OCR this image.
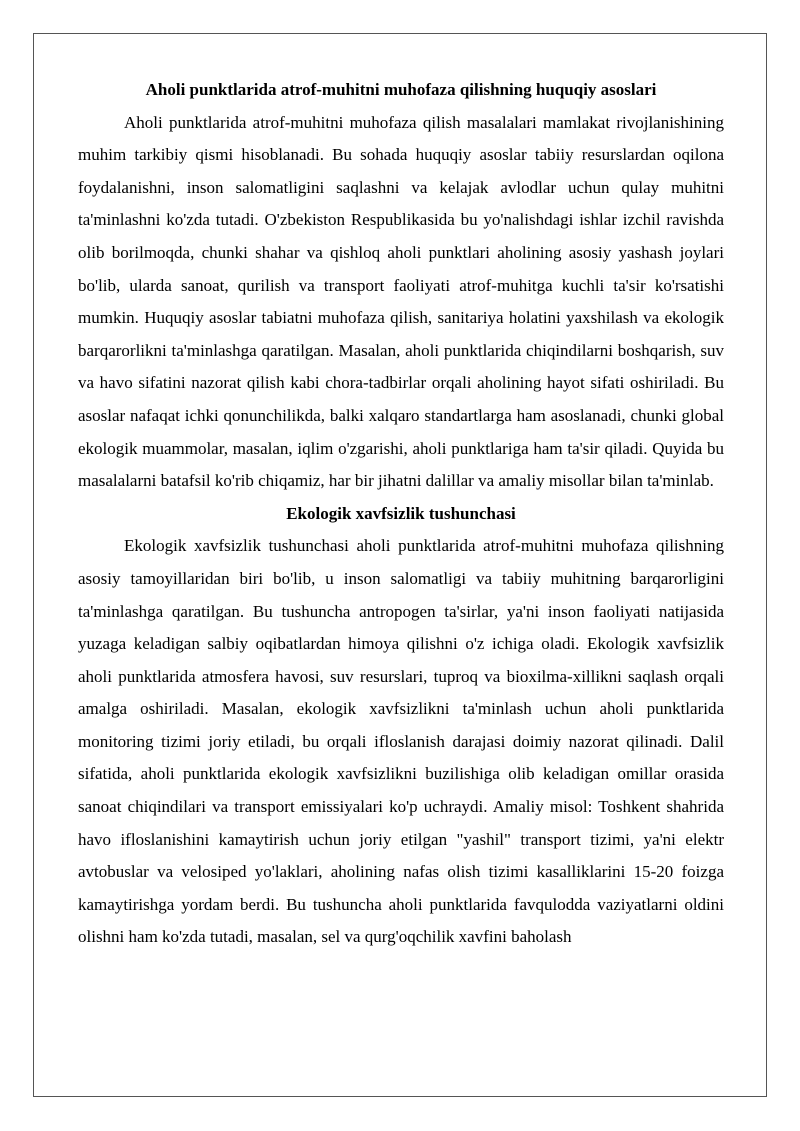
Aholi punktlarida atrof-muhitni muhofaza qilishning huquqiy asoslari

Aholi punktlarida atrof-muhitni muhofaza qilish masalalari mamlakat rivojlanishining muhim tarkibiy qismi hisoblanadi. Bu sohada huquqiy asoslar tabiiy resurslardan oqilona foydalanishni, inson salomatligini saqlashni va kelajak avlodlar uchun qulay muhitni ta'minlashni ko'zda tutadi. O'zbekiston Respublikasida bu yo'nalishdagi ishlar izchil ravishda olib borilmoqda, chunki shahar va qishloq aholi punktlari aholining asosiy yashash joylari bo'lib, ularda sanoat, qurilish va transport faoliyati atrof-muhitga kuchli ta'sir ko'rsatishi mumkin. Huquqiy asoslar tabiatni muhofaza qilish, sanitariya holatini yaxshilash va ekologik barqarorlikni ta'minlashga qaratilgan. Masalan, aholi punktlarida chiqindilarni boshqarish, suv va havo sifatini nazorat qilish kabi chora-tadbirlar orqali aholining hayot sifati oshiriladi. Bu asoslar nafaqat ichki qonunchilikda, balki xalqaro standartlarga ham asoslanadi, chunki global ekologik muammolar, masalan, iqlim o'zgarishi, aholi punktlariga ham ta'sir qiladi. Quyida bu masalalarni batafsil ko'rib chiqamiz, har bir jihatni dalillar va amaliy misollar bilan ta'minlab.

Ekologik xavfsizlik tushunchasi

Ekologik xavfsizlik tushunchasi aholi punktlarida atrof-muhitni muhofaza qilishning asosiy tamoyillaridan biri bo'lib, u inson salomatligi va tabiiy muhitning barqarorligini ta'minlashga qaratilgan. Bu tushuncha antropogen ta'sirlar, ya'ni inson faoliyati natijasida yuzaga keladigan salbiy oqibatlardan himoya qilishni o'z ichiga oladi. Ekologik xavfsizlik aholi punktlarida atmosfera havosi, suv resurslari, tuproq va bioxilma-xillikni saqlash orqali amalga oshiriladi. Masalan, ekologik xavfsizlikni ta'minlash uchun aholi punktlarida monitoring tizimi joriy etiladi, bu orqali ifloslanish darajasi doimiy nazorat qilinadi. Dalil sifatida, aholi punktlarida ekologik xavfsizlikni buzilishiga olib keladigan omillar orasida sanoat chiqindilari va transport emissiyalari ko'p uchraydi. Amaliy misol: Toshkent shahrida havo ifloslanishini kamaytirish uchun joriy etilgan "yashil" transport tizimi, ya'ni elektr avtobuslar va velosiped yo'laklari, aholining nafas olish tizimi kasalliklarini 15-20 foizga kamaytirishga yordam berdi. Bu tushuncha aholi punktlarida favqulodda vaziyatlarni oldini olishni ham ko'zda tutadi, masalan, sel va qurg'oqchilik xavfini baholash
